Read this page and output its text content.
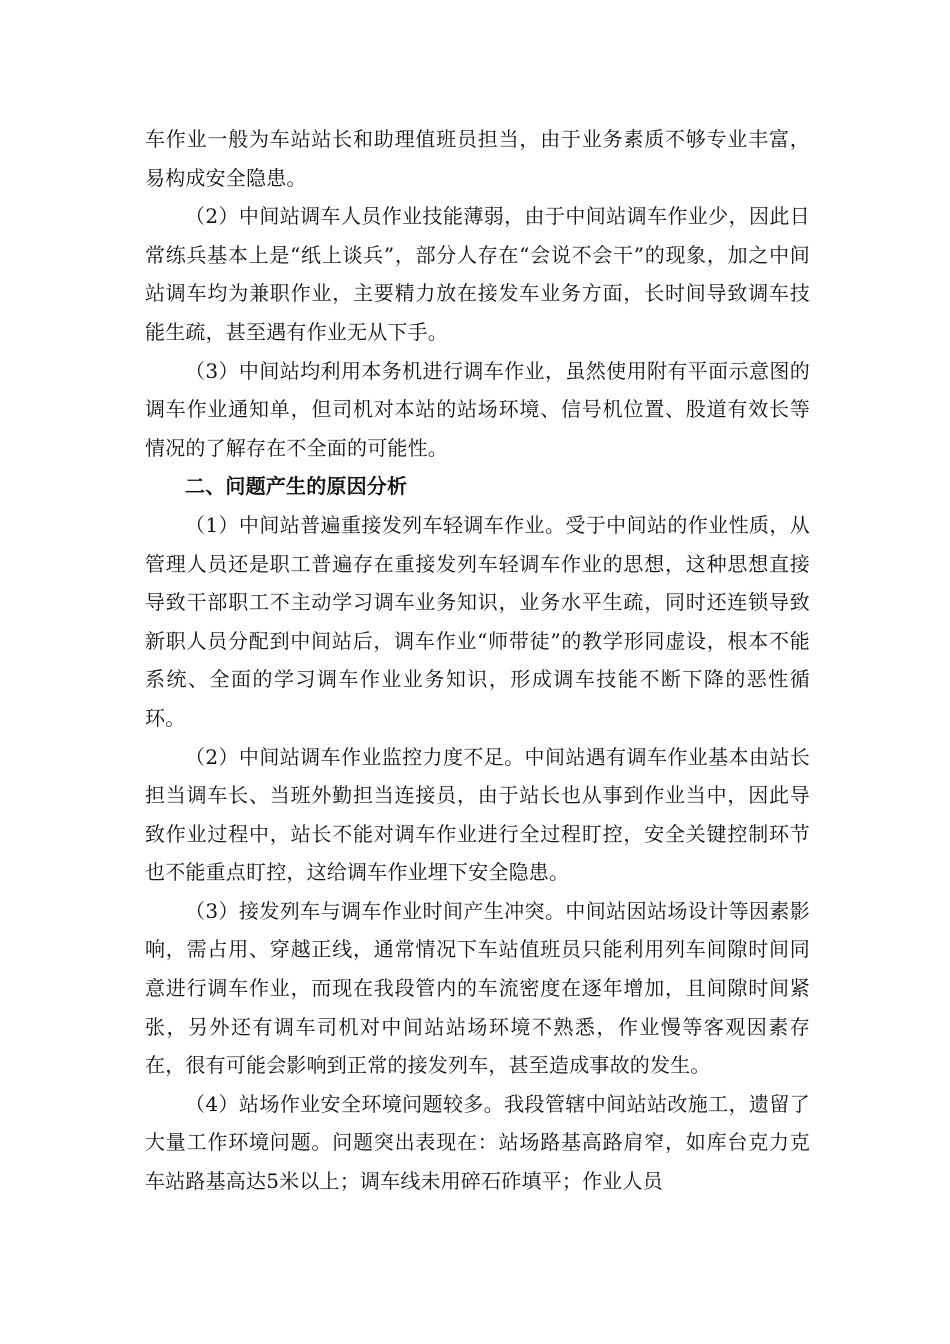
车作业一般为车站站长和助理值班员担当，由于业务素质不够专业丰富，易构成安全隐患。

（2）中间站调车人员作业技能薄弱，由于中间站调车作业少，因此日常练兵基本上是“纸上谈兵”，部分人存在“会说不会干”的现象，加之中间站调车均为兼职作业，主要精力放在接发车业务方面，长时间导致调车技能生疏，甚至遇有作业无从下手。

（3）中间站均利用本务机进行调车作业，虽然使用附有平面示意图的调车作业通知单，但司机对本站的站场环境、信号机位置、股道有效长等情况的了解存在不全面的可能性。

二、问题产生的原因分析

（1）中间站普遍重接发列车轻调车作业。受于中间站的作业性质，从管理人员还是职工普遍存在重接发列车轻调车作业的思想，这种思想直接导致干部职工不主动学习调车业务知识，业务水平生疏，同时还连锁导致新职人员分配到中间站后，调车作业“师带徒”的教学形同虚设，根本不能系统、全面的学习调车作业业务知识，形成调车技能不断下降的恶性循环。

（2）中间站调车作业监控力度不足。中间站遇有调车作业基本由站长担当调车长、当班外勤担当连接员，由于站长也从事到作业当中，因此导致作业过程中，站长不能对调车作业进行全过程盯控，安全关键控制环节也不能重点盯控，这给调车作业埋下安全隐患。

（3）接发列车与调车作业时间产生冲突。中间站因站场设计等因素影响，需占用、穿越正线，通常情况下车站值班员只能利用列车间隙时间同意进行调车作业，而现在我段管内的车流密度在逐年增加，且间隙时间紧张，另外还有调车司机对中间站站场环境不熟悉，作业慢等客观因素存在，很有可能会影响到正常的接发列车，甚至造成事故的发生。

（4）站场作业安全环境问题较多。我段管辖中间站站改施工，遗留了大量工作环境问题。问题突出表现在：站场路基高路肩窄，如库台克力克车站路基高达5米以上；调车线未用碎石砟填平；作业人员
